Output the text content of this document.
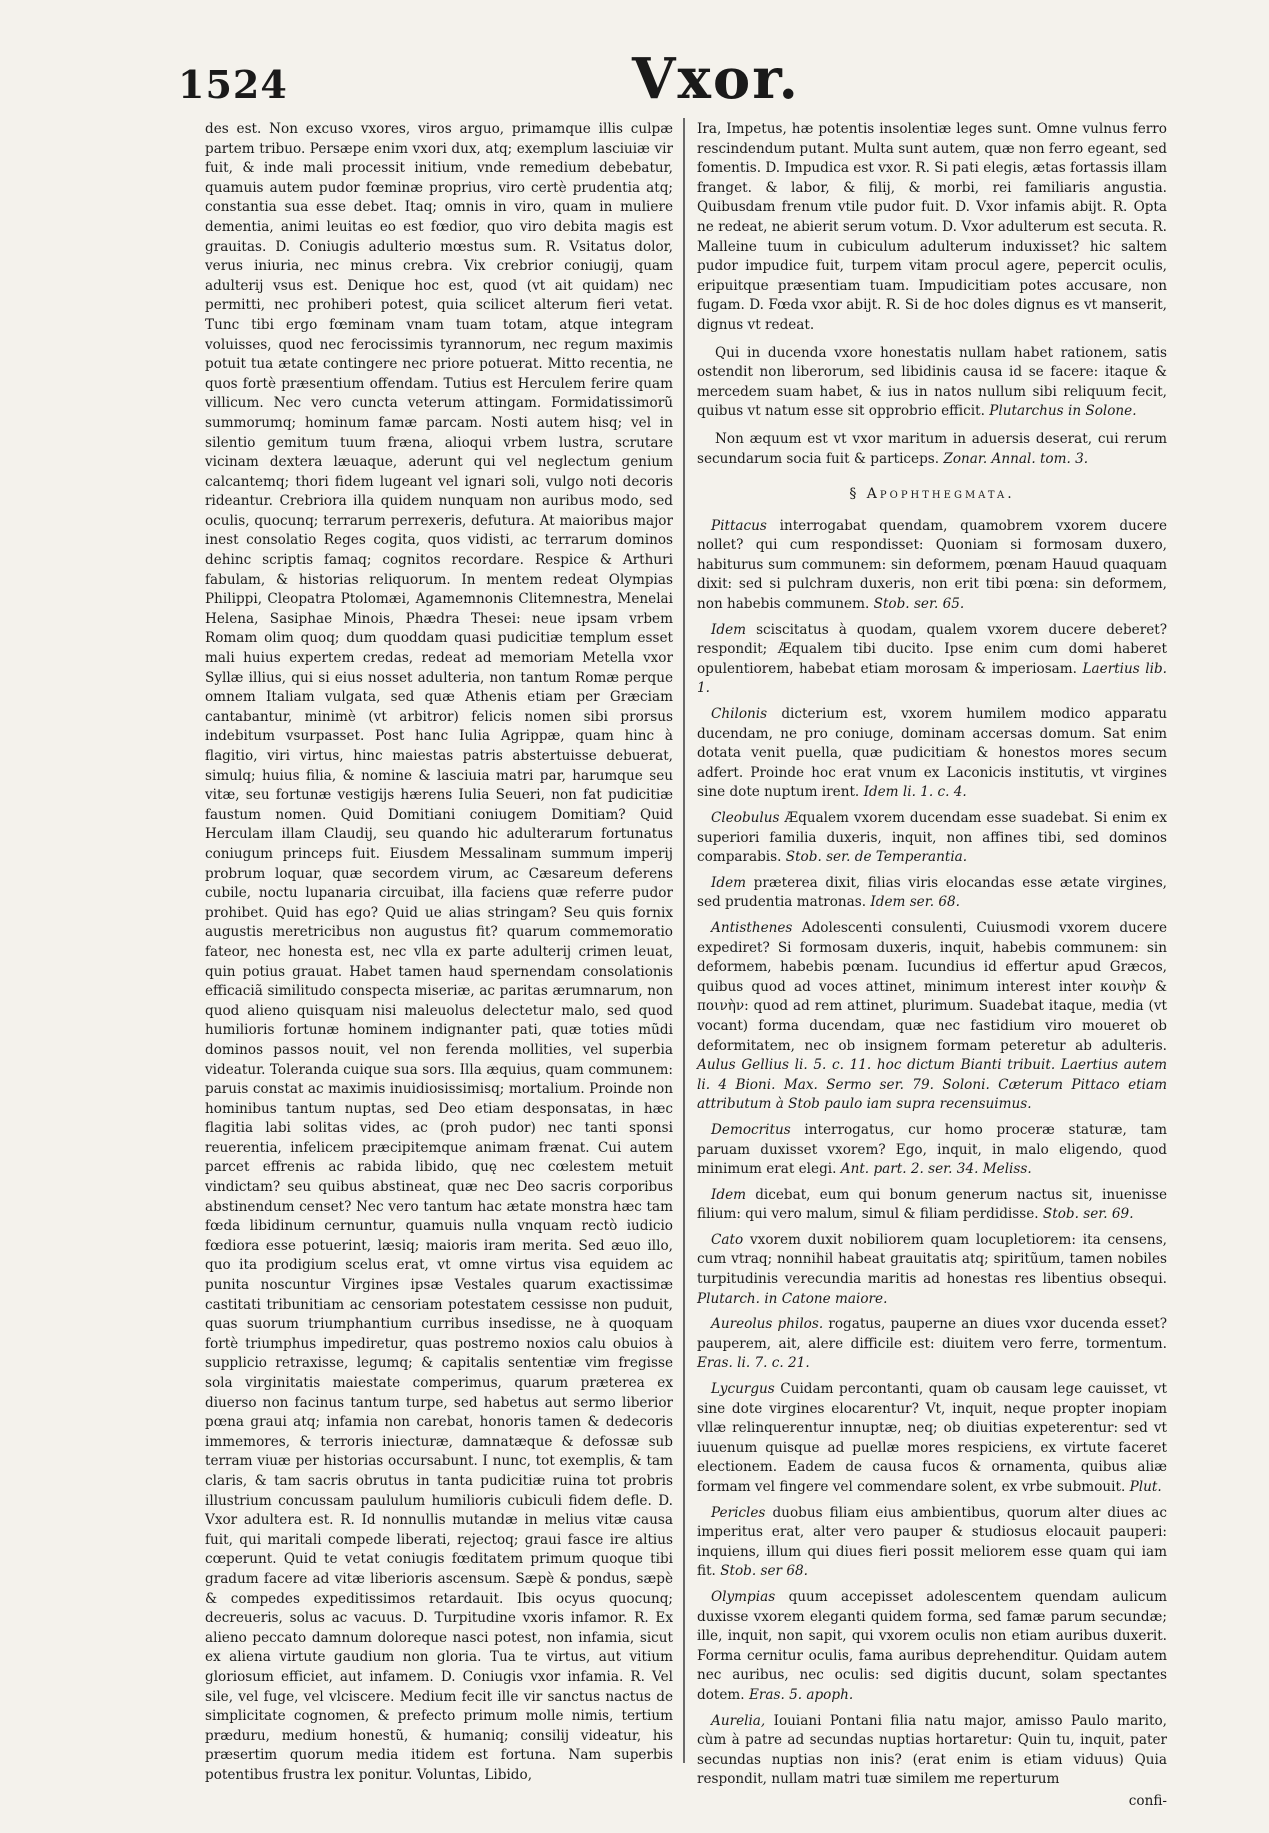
1524	Vxor.

des est. Non excuso vxores, viros arguo, primamque illis culpæ partem tribuo. Persæpe enim vxori dux, atq; exemplum lasciuiæ vir fuit, & inde mali processit initium, vnde remedium debebatur, quamuis autem pudor fœminæ proprius, viro certè prudentia atq; constantia sua esse debet. Itaq; omnis in viro, quam in muliere dementia, animi leuitas eo est fœdior, quo viro debita magis est grauitas. D. Coniugis adulterio mœstus sum. R. Vsitatus dolor, verus iniuria, nec minus crebra. Vix crebrior coniugij, quam adulterij vsus est. Denique hoc est, quod (vt ait quidam) nec permitti, nec prohiberi potest, quia scilicet alterum fieri vetat. Tunc tibi ergo fœminam vnam tuam totam, atque integram voluisses, quod nec ferocissimis tyrannorum, nec regum maximis potuit tua ætate contingere nec priore potuerat. Mitto recentia, ne quos fortè præsentium offendam. Tutius est Herculem ferire quam villicum. Nec vero cuncta veterum attingam. Formidatissimorũ summorumq; hominum famæ parcam. Nosti autem hisq; vel in silentio gemitum tuum fræna, alioqui vrbem lustra, scrutare vicinam dextera læuaque, aderunt qui vel neglectum genium calcantemq; thori fidem lugeant vel ignari soli, vulgo noti decoris rideantur. Crebriora illa quidem nunquam non auribus modo, sed oculis, quocunq; terrarum perrexeris, defutura. At maioribus major inest consolatio Reges cogita, quos vidisti, ac terrarum dominos dehinc scriptis famaq; cognitos recordare. Respice & Arthuri fabulam, & historias reliquorum. In mentem redeat Olympias Philippi, Cleopatra Ptolomæi, Agamemnonis Clitemnestra, Menelai Helena, Sasiphae Minois, Phædra Thesei: neue ipsam vrbem Romam olim quoq; dum quoddam quasi pudicitiæ templum esset mali huius expertem credas, redeat ad memoriam Metella vxor Syllæ illius, qui si eius nosset adulteria, non tantum Romæ perque omnem Italiam vulgata, sed quæ Athenis etiam per Græciam cantabantur, minimè (vt arbitror) felicis nomen sibi prorsus indebitum vsurpasset. Post hanc Iulia Agrippæ, quam hinc à flagitio, viri virtus, hinc maiestas patris abstertuisse debuerat, simulq; huius filia, & nomine & lasciuia matri par, harumque seu vitæ, seu fortunæ vestigijs hærens Iulia Seueri, non fat pudicitiæ faustum nomen. Quid Domitiani coniugem Domitiam? Quid Herculam illam Claudij, seu quando hic adulterarum fortunatus coniugum princeps fuit. Eiusdem Messalinam summum imperij probrum loquar, quæ secordem virum, ac Cæsareum deferens cubile, noctu lupanaria circuibat, illa faciens quæ referre pudor prohibet. Quid has ego? Quid ue alias stringam? Seu quis fornix augustis meretricibus non augustus fit? quarum commemoratio fateor, nec honesta est, nec vlla ex parte adulterij crimen leuat, quin potius grauat. Habet tamen haud spernendam consolationis efficaciã similitudo conspecta miseriæ, ac paritas ærumnarum, non quod alieno quisquam nisi maleuolus delectetur malo, sed quod humilioris fortunæ hominem indignanter pati, quæ toties mũdi dominos passos nouit, vel non ferenda mollities, vel superbia videatur. Toleranda cuique sua sors. Illa æquius, quam communem: paruis constat ac maximis inuidiosissimisq; mortalium. Proinde non hominibus tantum nuptas, sed Deo etiam desponsatas, in hæc flagitia labi solitas vides, ac (proh pudor) nec tanti sponsi reuerentia, infelicem præcipitemque animam frænat. Cui autem parcet effrenis ac rabida libido, quę nec cœlestem metuit vindictam? seu quibus abstineat, quæ nec Deo sacris corporibus abstinendum censet? Nec vero tantum hac ætate monstra hæc tam fœda libidinum cernuntur, quamuis nulla vnquam rectò iudicio fœdiora esse potuerint, læsiq; maioris iram merita. Sed æuo illo, quo ita prodigium scelus erat, vt omne virtus visa equidem ac punita noscuntur Virgines ipsæ Vestales quarum exactissimæ castitati tribunitiam ac censoriam potestatem cessisse non puduit, quas suorum triumphantium curribus insedisse, ne à quoquam fortè triumphus impediretur, quas postremo noxios calu obuios à supplicio retraxisse, legumq; & capitalis sententiæ vim fregisse sola virginitatis maiestate comperimus, quarum præterea ex diuerso non facinus tantum turpe, sed habetus aut sermo liberior pœna graui atq; infamia non carebat, honoris tamen & dedecoris immemores, & terroris iniecturæ, damnatæque & defossæ sub terram viuæ per historias occursabunt. I nunc, tot exemplis, & tam claris, & tam sacris obrutus in tanta pudicitiæ ruina tot probris illustrium concussam paululum humilioris cubiculi fidem defle. D. Vxor adultera est. R. Id nonnullis mutandæ in melius vitæ causa fuit, qui maritali compede liberati, rejectoq; graui fasce ire altius cœperunt. Quid te vetat coniugis fœditatem primum quoque tibi gradum facere ad vitæ liberioris ascensum. Sæpè & pondus, sæpè & compedes expeditissimos retardauit. Ibis ocyus quocunq; decreueris, solus ac vacuus. D. Turpitudine vxoris infamor. R. Ex alieno peccato damnum doloreque nasci potest, non infamia, sicut ex aliena virtute gaudium non gloria. Tua te virtus, aut vitium gloriosum efficiet, aut infamem. D. Coniugis vxor infamia. R. Vel sile, vel fuge, vel vlciscere. Medium fecit ille vir sanctus nactus de simplicitate cognomen, & prefecto primum molle nimis, tertium præduru, medium honestũ, & humaniq; consilij videatur, his præsertim quorum media itidem est fortuna. Nam superbis potentibus frustra lex ponitur. Voluntas, Libido,

Ira, Impetus, hæ potentis insolentiæ leges sunt. Omne vulnus ferro rescindendum putant. Multa sunt autem, quæ non ferro egeant, sed fomentis. D. Impudica est vxor. R. Si pati elegis, ætas fortassis illam franget. & labor, & filij, & morbi, rei familiaris angustia. Quibusdam frenum vtile pudor fuit. D. Vxor infamis abijt. R. Opta ne redeat, ne abierit serum votum. D. Vxor adulterum est secuta. R. Malleine tuum in cubiculum adulterum induxisset? hic saltem pudor impudice fuit, turpem vitam procul agere, pepercit oculis, eripuitque præsentiam tuam. Impudicitiam potes accusare, non fugam. D. Fœda vxor abijt. R. Si de hoc doles dignus es vt manserit, dignus vt redeat.

Qui in ducenda vxore honestatis nullam habet rationem, satis ostendit non liberorum, sed libidinis causa id se facere: itaque & mercedem suam habet, & ius in natos nullum sibi reliquum fecit, quibus vt natum esse sit opprobrio efficit. Plutarchus in Solone.

Non æquum est vt vxor maritum in aduersis deserat, cui rerum secundarum socia fuit & particeps. Zonar. Annal. tom. 3.

§ Apophthegmata.

Pittacus interrogabat quendam, quamobrem vxorem ducere nollet? qui cum respondisset: Quoniam si formosam duxero, habiturus sum communem: sin deformem, pœnam Hauud quaquam dixit: sed si pulchram duxeris, non erit tibi pœna: sin deformem, non habebis communem. Stob. ser. 65.

Idem sciscitatus à quodam, qualem vxorem ducere deberet? respondit; Æqualem tibi ducito. Ipse enim cum domi haberet opulentiorem, habebat etiam morosam & imperiosam. Laertius lib. 1.

Chilonis dicterium est, vxorem humilem modico apparatu ducendam, ne pro coniuge, dominam accersas domum. Sat enim dotata venit puella, quæ pudicitiam & honestos mores secum adfert. Proinde hoc erat vnum ex Laconicis institutis, vt virgines sine dote nuptum irent. Idem li. 1. c. 4.

Cleobulus Æqualem vxorem ducendam esse suadebat. Si enim ex superiori familia duxeris, inquit, non affines tibi, sed dominos comparabis. Stob. ser. de Temperantia.

Idem præterea dixit, filias viris elocandas esse ætate virgines, sed prudentia matronas. Idem ser. 68.

Antisthenes Adolescenti consulenti, Cuiusmodi vxorem ducere expediret? Si formosam duxeris, inquit, habebis communem: sin deformem, habebis pœnam. Iucundius id effertur apud Græcos, quibus quod ad voces attinet, minimum interest inter κοινὴν & ποινὴν: quod ad rem attinet, plurimum. Suadebat itaque, media (vt vocant) forma ducendam, quæ nec fastidium viro moueret ob deformitatem, nec ob insignem formam peteretur ab adulteris. Aulus Gellius li. 5. c. 11. hoc dictum Bianti tribuit. Laertius autem li. 4 Bioni. Max. Sermo ser. 79. Soloni. Cæterum Pittaco etiam attributum à Stob paulo iam supra recensuimus.

Democritus interrogatus, cur homo proceræ staturæ, tam paruam duxisset vxorem? Ego, inquit, in malo eligendo, quod minimum erat elegi. Ant. part. 2. ser. 34. Meliss.

Idem dicebat, eum qui bonum generum nactus sit, inuenisse filium: qui vero malum, simul & filiam perdidisse. Stob. ser. 69.

Cato vxorem duxit nobiliorem quam locupletiorem: ita censens, cum vtraq; nonnihil habeat grauitatis atq; spiritũum, tamen nobiles turpitudinis verecundia maritis ad honestas res libentius obsequi. Plutarch. in Catone maiore.

Aureolus philos. rogatus, pauperne an diues vxor ducenda esset? pauperem, ait, alere difficile est: diuitem vero ferre, tormentum. Eras. li. 7. c. 21.

Lycurgus Cuidam percontanti, quam ob causam lege cauisset, vt sine dote virgines elocarentur? Vt, inquit, neque propter inopiam vllæ relinquerentur innuptæ, neq; ob diuitias expeterentur: sed vt iuuenum quisque ad puellæ mores respiciens, ex virtute faceret electionem. Eadem de causa fucos & ornamenta, quibus aliæ formam vel fingere vel commendare solent, ex vrbe submouit. Plut.

Pericles duobus filiam eius ambientibus, quorum alter diues ac imperitus erat, alter vero pauper & studiosus elocauit pauperi: inquiens, illum qui diues fieri possit meliorem esse quam qui iam fit. Stob. ser 68.

Olympias quum accepisset adolescentem quendam aulicum duxisse vxorem eleganti quidem forma, sed famæ parum secundæ; ille, inquit, non sapit, qui vxorem oculis non etiam auribus duxerit. Forma cernitur oculis, fama auribus deprehenditur. Quidam autem nec auribus, nec oculis: sed digitis ducunt, solam spectantes dotem. Eras. 5. apoph.

Aurelia, Iouiani Pontani filia natu major, amisso Paulo marito, cùm à patre ad secundas nuptias hortaretur: Quin tu, inquit, pater secundas nuptias non inis? (erat enim is etiam viduus) Quia respondit, nullam matri tuæ similem me reperturum

confi-
